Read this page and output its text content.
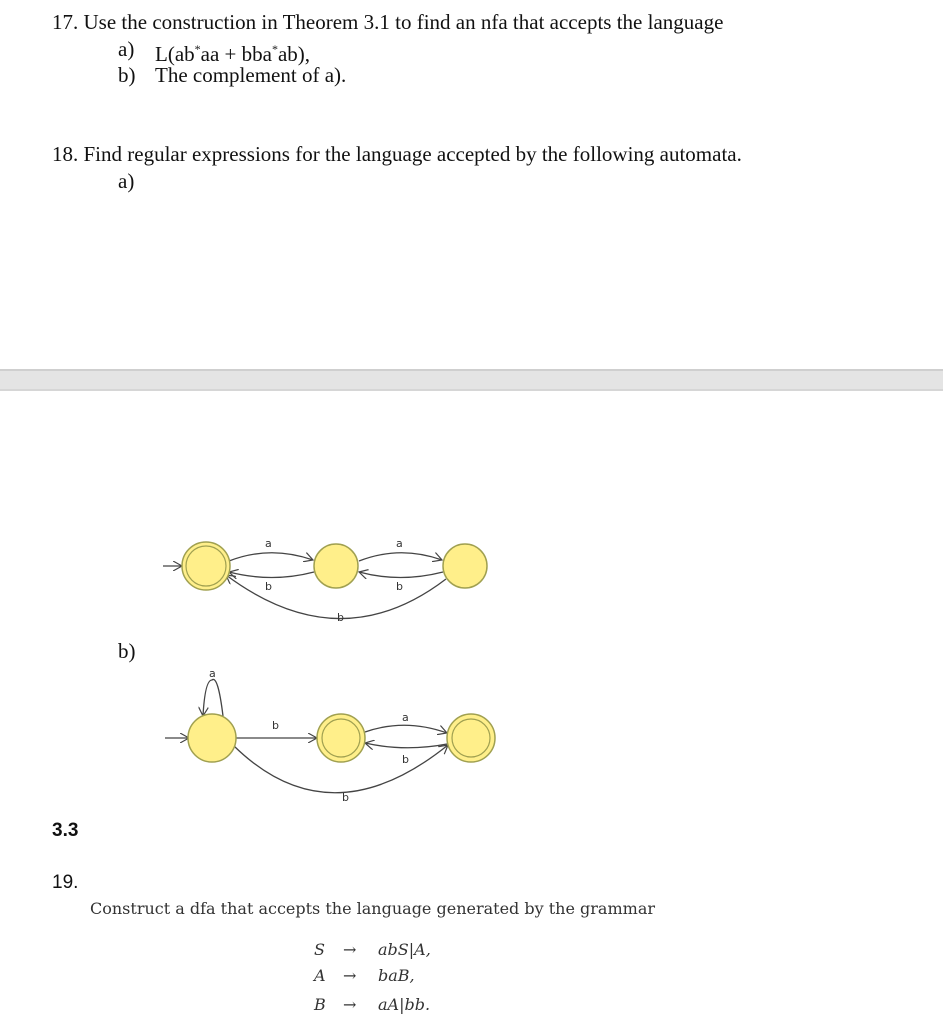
17. Use the construction in Theorem 3.1 to find an nfa that accepts the language
a) L(ab*aa + bba*ab),
b) The complement of a).
18. Find regular expressions for the language accepted by the following automata.
a)
a
b
a
b
b
a
b
a
b
b
b)
3.3
19.
Construct a dfa that accepts the language generated by the grammar
S → abS|A,
A → baB,
B → aA|bb.
